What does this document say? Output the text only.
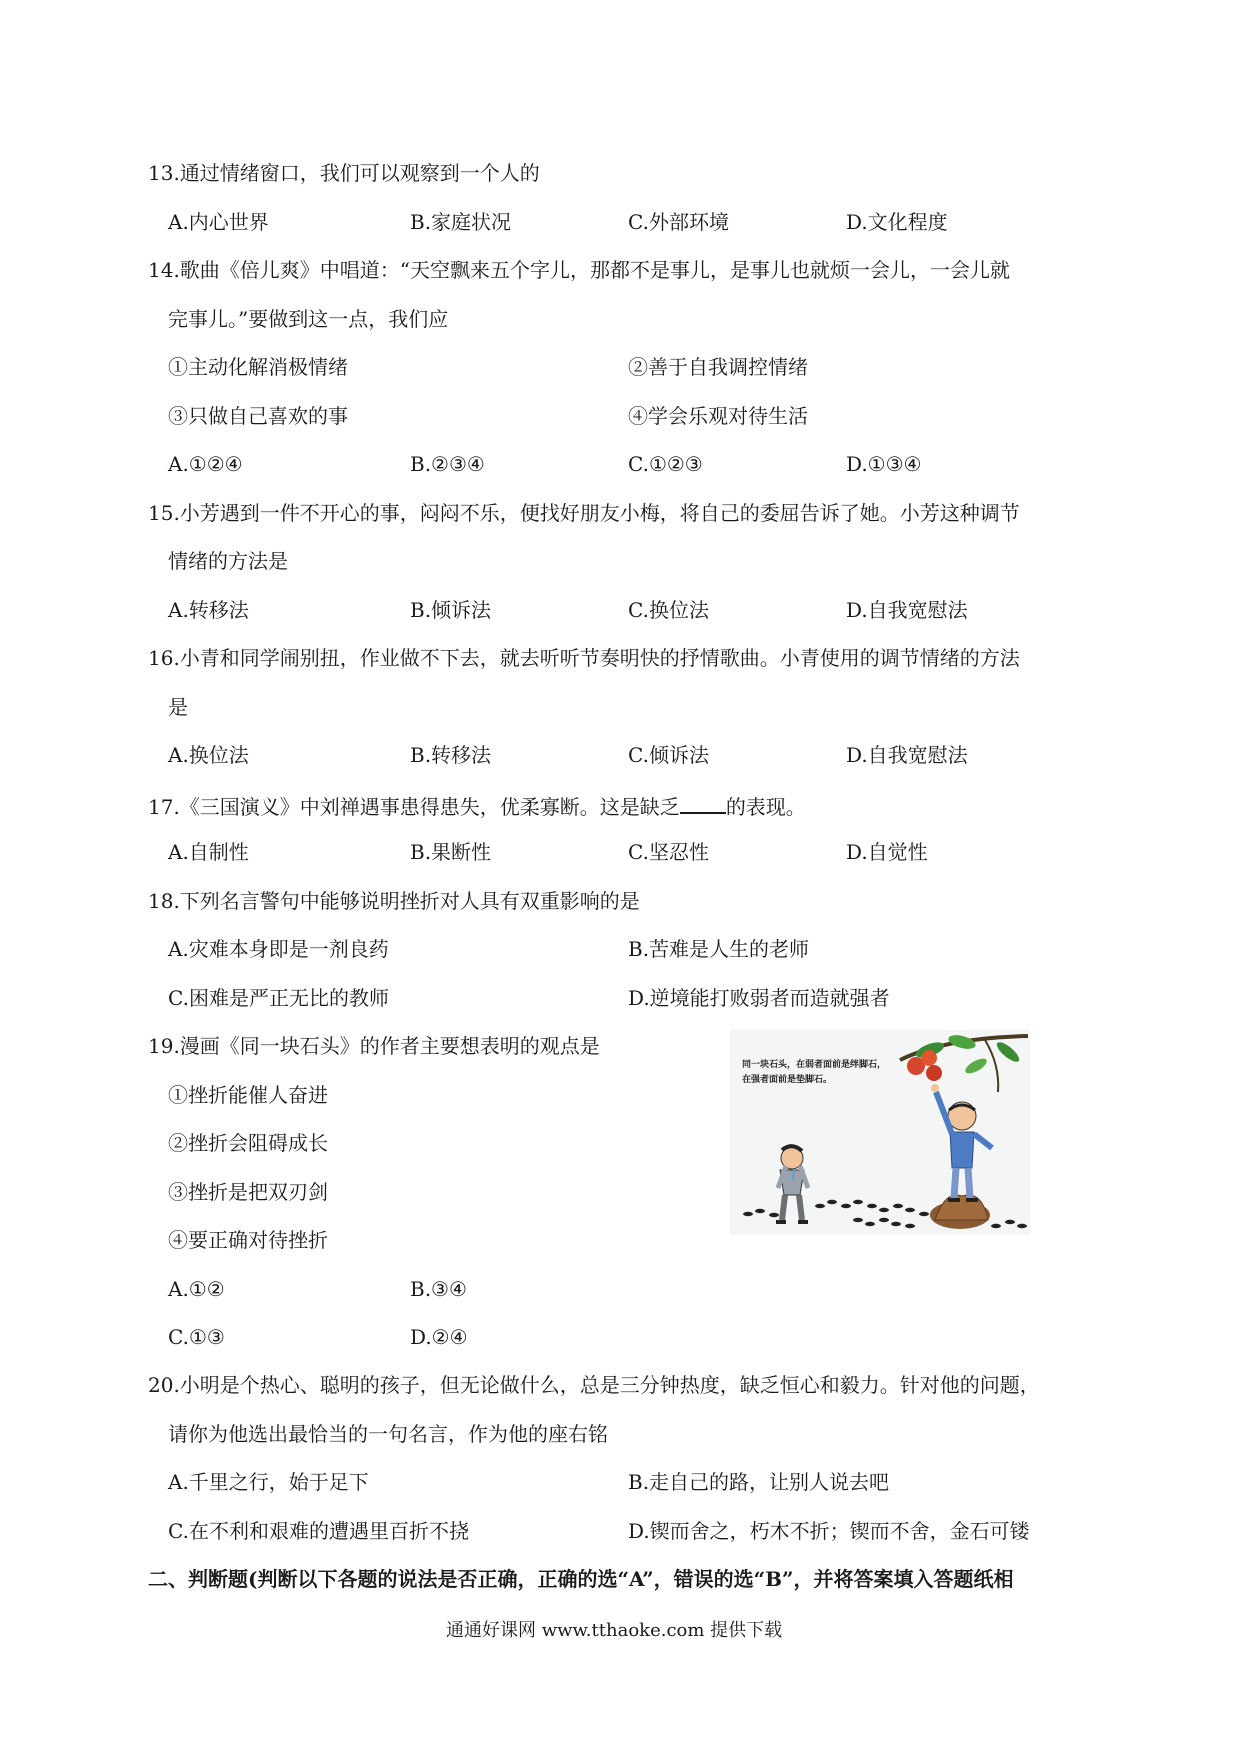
13.通过情绪窗口，我们可以观察到一个人的
A.内心世界	B.家庭状况	C.外部环境	D.文化程度
14.歌曲《倍儿爽》中唱道：“天空飘来五个字儿，那都不是事儿，是事儿也就烦一会儿，一会儿就
完事儿。”要做到这一点，我们应
①主动化解消极情绪	②善于自我调控情绪
③只做自己喜欢的事	④学会乐观对待生活
A.①②④	B.②③④	C.①②③	D.①③④
15.小芳遇到一件不开心的事，闷闷不乐，便找好朋友小梅，将自己的委屈告诉了她。小芳这种调节
情绪的方法是
A.转移法	B.倾诉法	C.换位法	D.自我宽慰法
16.小青和同学闹别扭，作业做不下去，就去听听节奏明快的抒情歌曲。小青使用的调节情绪的方法
是
A.换位法	B.转移法	C.倾诉法	D.自我宽慰法
17.《三国演义》中刘禅遇事患得患失，优柔寡断。这是缺乏 的表现。
A.自制性	B.果断性	C.坚忍性	D.自觉性
18.下列名言警句中能够说明挫折对人具有双重影响的是
A.灾难本身即是一剂良药	B.苦难是人生的老师
C.困难是严正无比的教师	D.逆境能打败弱者而造就强者
19.漫画《同一块石头》的作者主要想表明的观点是
①挫折能催人奋进
②挫折会阻碍成长
③挫折是把双刃剑
④要正确对待挫折
A.①②	B.③④
C.①③	D.②④
同一块石头，在弱者面前是绊脚石，在强者面前是垫脚石。
20.小明是个热心、聪明的孩子，但无论做什么，总是三分钟热度，缺乏恒心和毅力。针对他的问题，
请你为他选出最恰当的一句名言，作为他的座右铭
A.千里之行，始于足下	B.走自己的路，让别人说去吧
C.在不利和艰难的遭遇里百折不挠	D.锲而舍之，朽木不折；锲而不舍，金石可镂
二、判断题(判断以下各题的说法是否正确，正确的选“A”，错误的选“B”，并将答案填入答题纸相
通通好课网 www.tthaoke.com 提供下载
